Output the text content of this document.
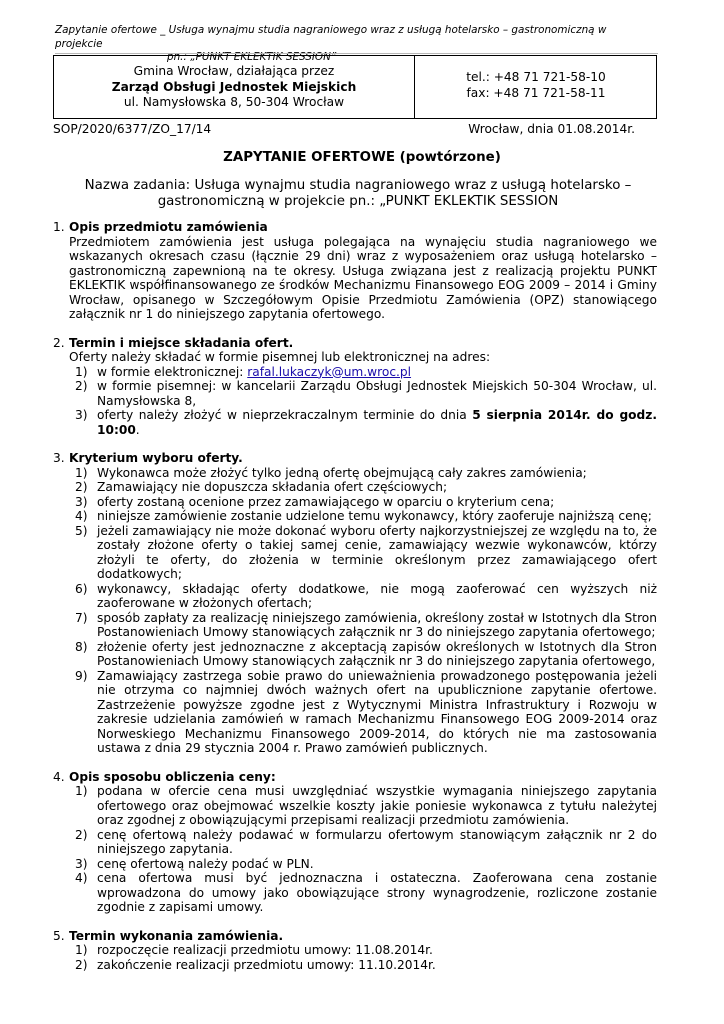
Zapytanie ofertowe _ Usługa wynajmu studia nagraniowego wraz z usługą hotelarsko – gastronomiczną w projekcie
pn.: „PUNKT EKLEKTIK SESSION”
Gmina Wrocław, działająca przez
Zarząd Obsługi Jednostek Miejskich
ul. Namysłowska 8, 50-304 Wrocław
tel.: +48 71 721-58-10
fax: +48 71 721-58-11
SOP/2020/6377/ZO_17/14	Wrocław, dnia 01.08.2014r.
ZAPYTANIE OFERTOWE (powtórzone)
Nazwa zadania: Usługa wynajmu studia nagraniowego wraz z usługą hotelarsko –
gastronomiczną w projekcie pn.: „PUNKT EKLEKTIK SESSION
1. Opis przedmiotu zamówienia
Przedmiotem zamówienia jest usługa polegająca na wynajęciu studia nagraniowego we wskazanych okresach czasu (łącznie 29 dni) wraz z wyposażeniem oraz usługą hotelarsko – gastronomiczną zapewnioną na te okresy. Usługa związana jest z realizacją projektu PUNKT EKLEKTIK współfinansowanego ze środków Mechanizmu Finansowego EOG 2009 – 2014 i Gminy Wrocław, opisanego w Szczegółowym Opisie Przedmiotu Zamówienia (OPZ) stanowiącego załącznik nr 1 do niniejszego zapytania ofertowego.
2. Termin i miejsce składania ofert.
Oferty należy składać w formie pisemnej lub elektronicznej na adres:
1) w formie elektronicznej: rafal.lukaczyk@um.wroc.pl
2) w formie pisemnej: w kancelarii Zarządu Obsługi Jednostek Miejskich 50-304 Wrocław, ul. Namysłowska 8,
3) oferty należy złożyć w nieprzekraczalnym terminie do dnia 5 sierpnia 2014r. do godz. 10:00.
3. Kryterium wyboru oferty.
1) Wykonawca może złożyć tylko jedną ofertę obejmującą cały zakres zamówienia;
2) Zamawiający nie dopuszcza składania ofert częściowych;
3) oferty zostaną ocenione przez zamawiającego w oparciu o kryterium cena;
4) niniejsze zamówienie zostanie udzielone temu wykonawcy, który zaoferuje najniższą cenę;
5) jeżeli zamawiający nie może dokonać wyboru oferty najkorzystniejszej ze względu na to, że zostały złożone oferty o takiej samej cenie, zamawiający wezwie wykonawców, którzy złożyli te oferty, do złożenia w terminie określonym przez zamawiającego ofert dodatkowych;
6) wykonawcy, składając oferty dodatkowe, nie mogą zaoferować cen wyższych niż zaoferowane w złożonych ofertach;
7) sposób zapłaty za realizację niniejszego zamówienia, określony został w Istotnych dla Stron Postanowieniach Umowy stanowiących załącznik nr 3 do niniejszego zapytania ofertowego;
8) złożenie oferty jest jednoznaczne z akceptacją zapisów określonych w Istotnych dla Stron Postanowieniach Umowy stanowiących załącznik nr 3 do niniejszego zapytania ofertowego,
9) Zamawiający zastrzega sobie prawo do unieważnienia prowadzonego postępowania jeżeli nie otrzyma co najmniej dwóch ważnych ofert na upublicznione zapytanie ofertowe. Zastrzeżenie powyższe zgodne jest z Wytycznymi Ministra Infrastruktury i Rozwoju w zakresie udzielania zamówień w ramach Mechanizmu Finansowego EOG 2009-2014 oraz Norweskiego Mechanizmu Finansowego 2009-2014, do których nie ma zastosowania ustawa z dnia 29 stycznia 2004 r. Prawo zamówień publicznych.
4. Opis sposobu obliczenia ceny:
1) podana w ofercie cena musi uwzględniać wszystkie wymagania niniejszego zapytania ofertowego oraz obejmować wszelkie koszty jakie poniesie wykonawca z tytułu należytej oraz zgodnej z obowiązującymi przepisami realizacji przedmiotu zamówienia.
2) cenę ofertową należy podawać w formularzu ofertowym stanowiącym załącznik nr 2 do niniejszego zapytania.
3) cenę ofertową należy podać w PLN.
4) cena ofertowa musi być jednoznaczna i ostateczna. Zaoferowana cena zostanie wprowadzona do umowy jako obowiązujące strony wynagrodzenie, rozliczone zostanie zgodnie z zapisami umowy.
5. Termin wykonania zamówienia.
1) rozpoczęcie realizacji przedmiotu umowy: 11.08.2014r.
2) zakończenie realizacji przedmiotu umowy: 11.10.2014r.
